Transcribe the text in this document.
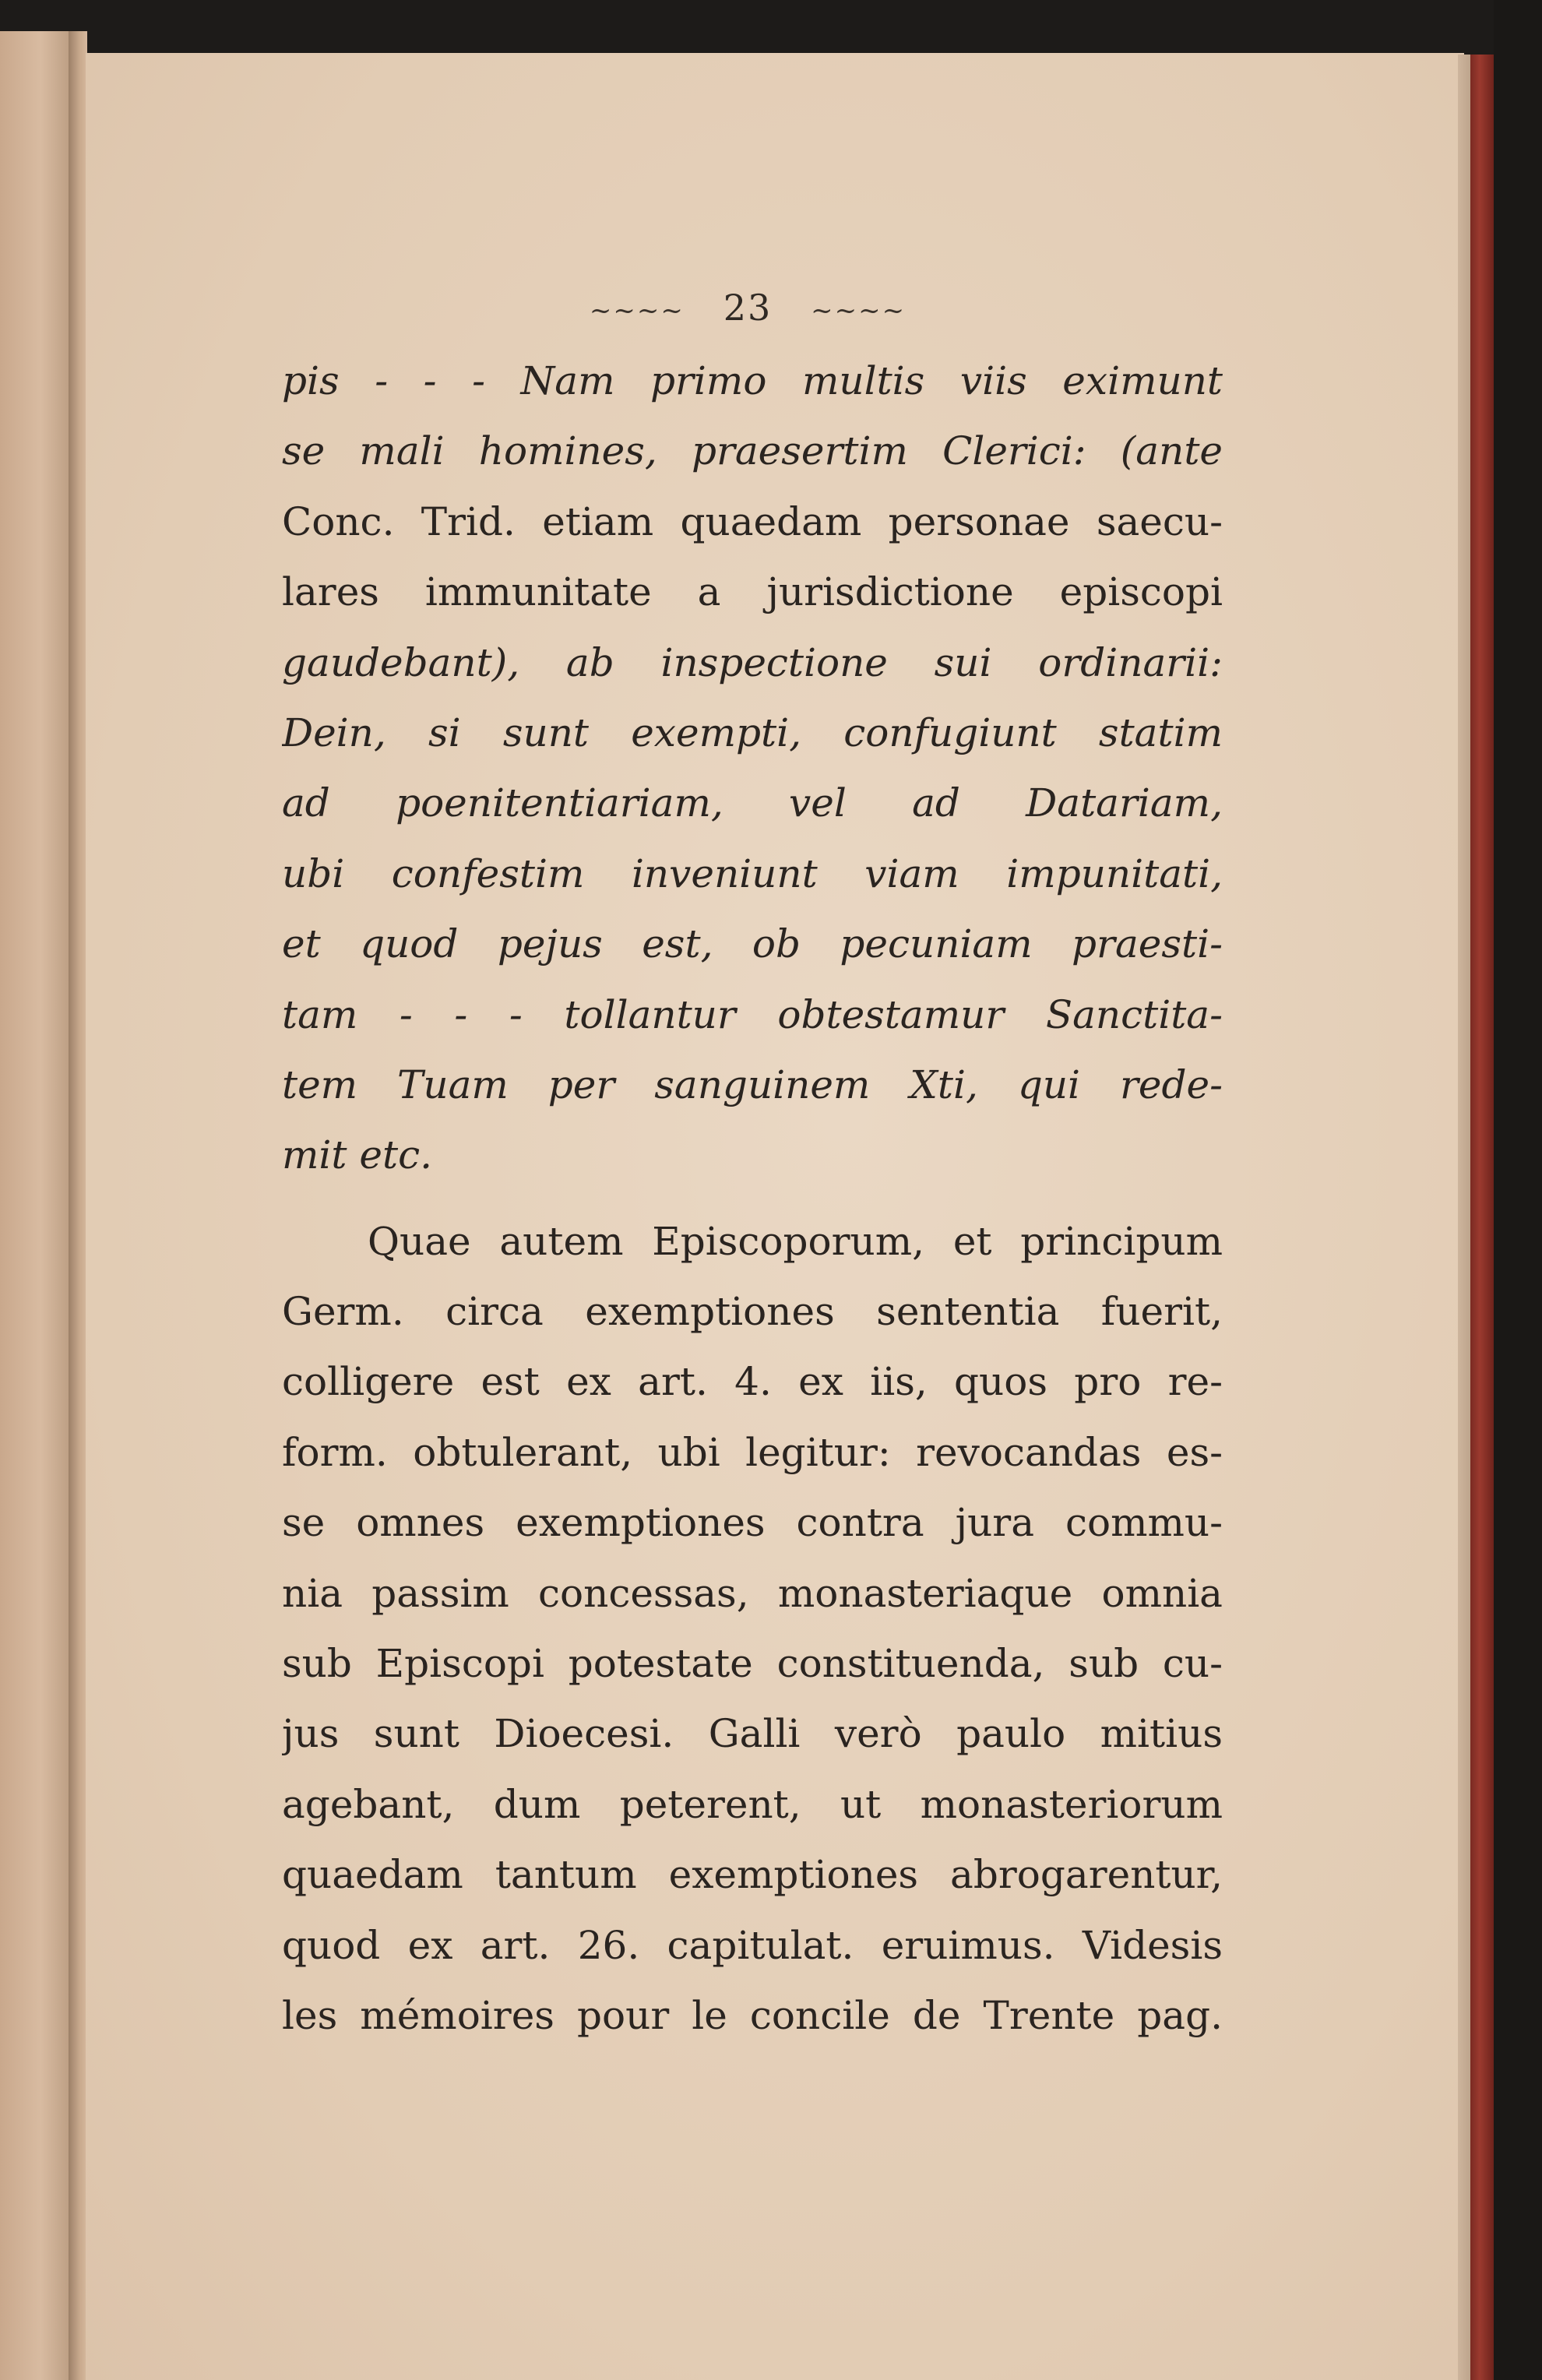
~~~~ 23 ~~~~
pis - - - Nam primo multis viis eximunt
se mali homines, praesertim Clerici: (ante
Conc. Trid. etiam quaedam personae saecu-
lares immunitate a jurisdictione episcopi
gaudebant), ab inspectione sui ordinarii:
Dein, si sunt exempti, confugiunt statim
ad poenitentiariam, vel ad Datariam,
ubi confestim inveniunt viam impunitati,
et quod pejus est, ob pecuniam praesti-
tam - - - tollantur obtestamur Sanctita-
tem Tuam per sanguinem Xti, qui rede-
mit etc.
Quae autem Episcoporum, et principum
Germ. circa exemptiones sententia fuerit,
colligere est ex art. 4. ex iis, quos pro re-
form. obtulerant, ubi legitur: revocandas es-
se omnes exemptiones contra jura commu-
nia passim concessas, monasteriaque omnia
sub Episcopi potestate constituenda, sub cu-
jus sunt Dioecesi. Galli verò paulo mitius
agebant, dum peterent, ut monasteriorum
quaedam tantum exemptiones abrogarentur,
quod ex art. 26. capitulat. eruimus. Videsis
les mémoires pour le concile de Trente pag.
